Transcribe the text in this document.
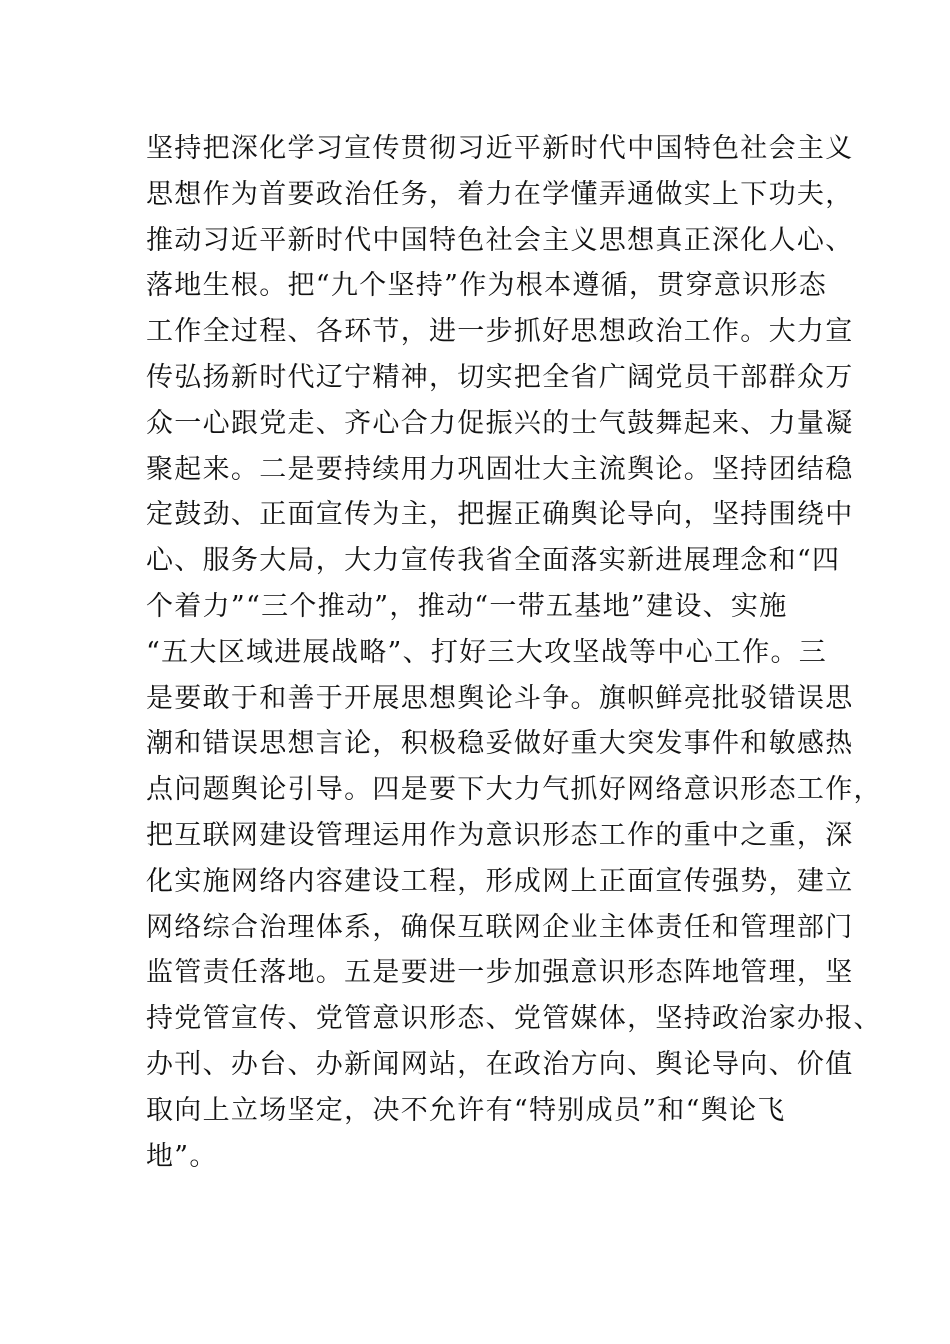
坚持把深化学习宣传贯彻习近平新时代中国特色社会主义
思想作为首要政治任务，着力在学懂弄通做实上下功夫，
推动习近平新时代中国特色社会主义思想真正深化人心、
落地生根。把“九个坚持”作为根本遵循，贯穿意识形态
工作全过程、各环节，进一步抓好思想政治工作。大力宣
传弘扬新时代辽宁精神，切实把全省广阔党员干部群众万
众一心跟党走、齐心合力促振兴的士气鼓舞起来、力量凝
聚起来。二是要持续用力巩固壮大主流舆论。坚持团结稳
定鼓劲、正面宣传为主，把握正确舆论导向，坚持围绕中
心、服务大局，大力宣传我省全面落实新进展理念和“四
个着力”“三个推动”，推动“一带五基地”建设、实施
“五大区域进展战略”、打好三大攻坚战等中心工作。三
是要敢于和善于开展思想舆论斗争。旗帜鲜亮批驳错误思
潮和错误思想言论，积极稳妥做好重大突发事件和敏感热
点问题舆论引导。四是要下大力气抓好网络意识形态工作，
把互联网建设管理运用作为意识形态工作的重中之重，深
化实施网络内容建设工程，形成网上正面宣传强势，建立
网络综合治理体系，确保互联网企业主体责任和管理部门
监管责任落地。五是要进一步加强意识形态阵地管理，坚
持党管宣传、党管意识形态、党管媒体，坚持政治家办报、
办刊、办台、办新闻网站，在政治方向、舆论导向、价值
取向上立场坚定，决不允许有“特别成员”和“舆论飞
地”。
